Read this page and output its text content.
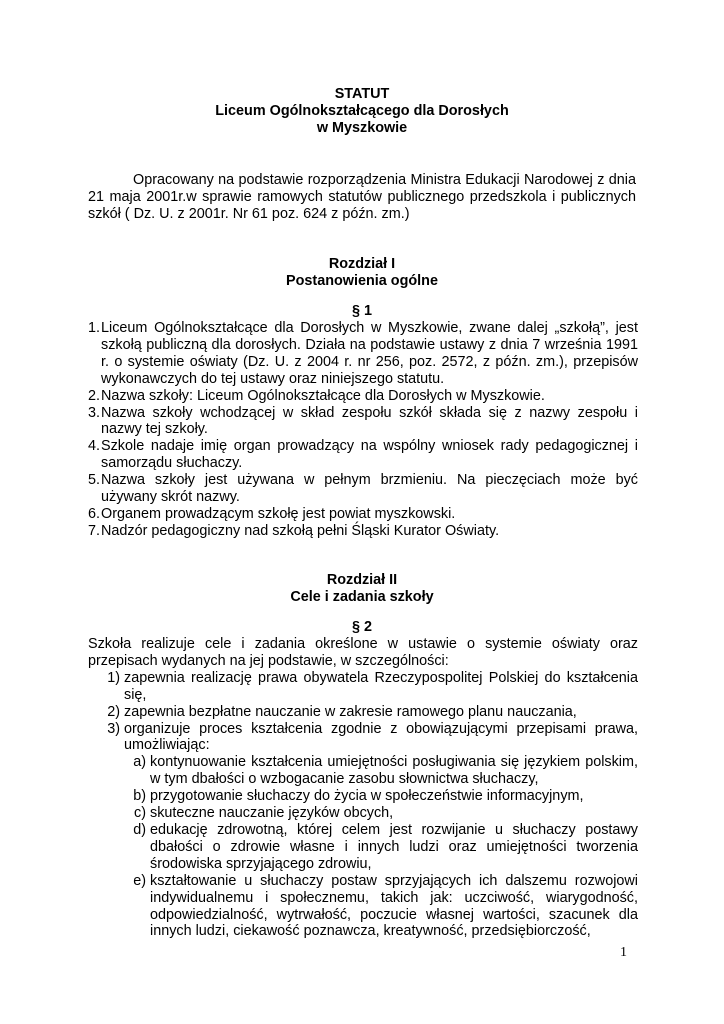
STATUT
Liceum Ogólnokształcącego dla Dorosłych
w Myszkowie
Opracowany na podstawie rozporządzenia Ministra Edukacji Narodowej z dnia 21 maja 2001r.w sprawie ramowych statutów publicznego przedszkola i publicznych szkół ( Dz. U. z 2001r. Nr 61 poz. 624 z późn. zm.)
Rozdział I
Postanowienia ogólne
§ 1
1. Liceum Ogólnokształcące dla Dorosłych w Myszkowie, zwane dalej „szkołą”, jest szkołą publiczną dla dorosłych. Działa na podstawie ustawy z dnia 7 września 1991 r. o systemie oświaty (Dz. U. z 2004 r. nr 256, poz. 2572, z późn. zm.), przepisów wykonawczych do tej ustawy oraz niniejszego statutu.
2. Nazwa szkoły: Liceum Ogólnokształcące dla Dorosłych w Myszkowie.
3. Nazwa szkoły wchodzącej w skład zespołu szkół składa się z nazwy zespołu i nazwy tej szkoły.
4. Szkole nadaje imię organ prowadzący na wspólny wniosek rady pedagogicznej i samorządu słuchaczy.
5. Nazwa szkoły jest używana w pełnym brzmieniu. Na pieczęciach może być używany skrót nazwy.
6. Organem prowadzącym szkołę jest powiat myszkowski.
7. Nadzór pedagogiczny nad szkołą pełni Śląski Kurator Oświaty.
Rozdział II
Cele i zadania szkoły
§ 2
Szkoła realizuje cele i zadania określone w ustawie o systemie oświaty oraz przepisach wydanych na jej podstawie, w szczególności:
1) zapewnia realizację prawa obywatela Rzeczypospolitej Polskiej do kształcenia się,
2) zapewnia bezpłatne nauczanie w zakresie ramowego planu nauczania,
3) organizuje proces kształcenia zgodnie z obowiązującymi przepisami prawa, umożliwiając:
a) kontynuowanie kształcenia umiejętności posługiwania się językiem polskim, w tym dbałości o wzbogacanie zasobu słownictwa słuchaczy,
b) przygotowanie słuchaczy do życia w społeczeństwie informacyjnym,
c) skuteczne nauczanie języków obcych,
d) edukację zdrowotną, której celem jest rozwijanie u słuchaczy postawy dbałości o zdrowie własne i innych ludzi oraz umiejętności tworzenia środowiska sprzyjającego zdrowiu,
e) kształtowanie u słuchaczy postaw sprzyjających ich dalszemu rozwojowi indywidualnemu i społecznemu, takich jak: uczciwość, wiarygodność, odpowiedzialność, wytrwałość, poczucie własnej wartości, szacunek dla innych ludzi, ciekawość poznawcza, kreatywność, przedsiębiorczość,
1
